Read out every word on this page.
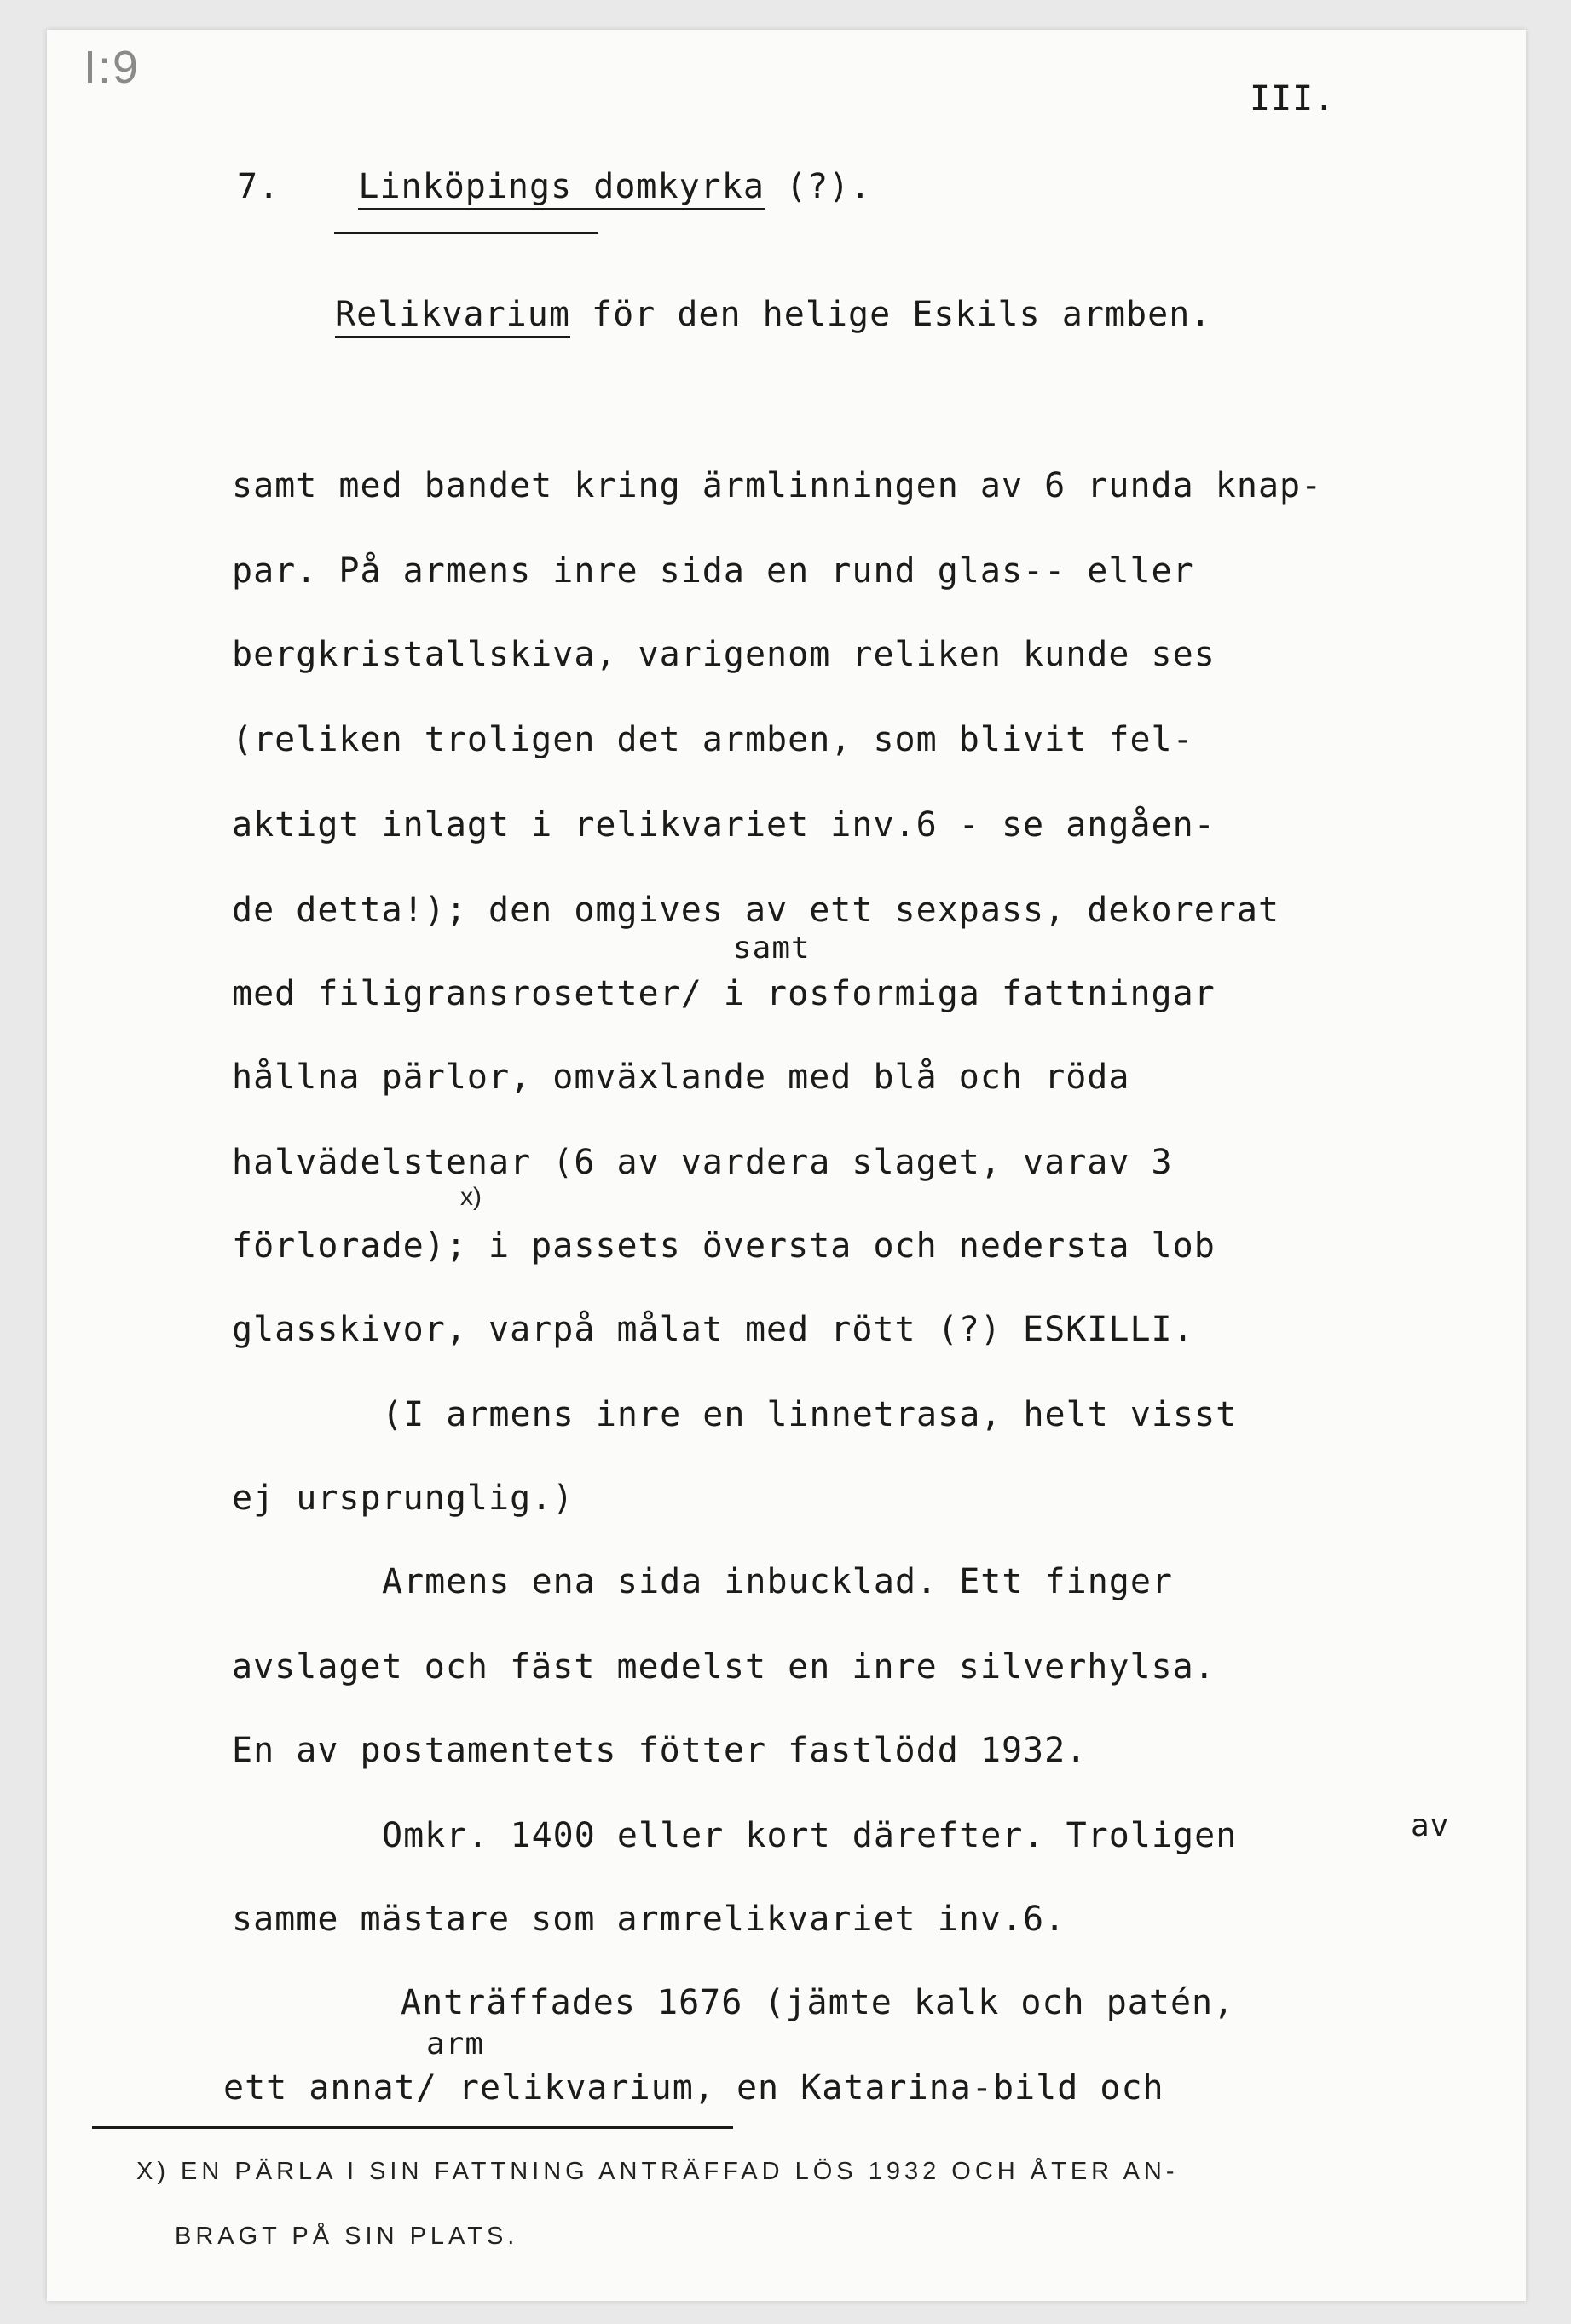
I:9
III.
7. Linköpings domkyrka (?).
Relikvarium för den helige Eskils armben.
samt med bandet kring ärmlinningen av 6 runda knap-
par. På armens inre sida en rund glas-- eller
bergkristallskiva, varigenom reliken kunde ses
(reliken troligen det armben, som blivit fel-
aktigt inlagt i relikvariet inv.6 - se angåen-
de detta!); den omgives av ett sexpass, dekorerat
samt
med filigransrosetter/ i rosformiga fattningar
hållna pärlor, omväxlande med blå och röda
halvädelstenar (6 av vardera slaget, varav 3
x)
förlorade); i passets översta och nedersta lob
glasskivor, varpå målat med rött (?) ESKILLI.
(I armens inre en linnetrasa, helt visst
ej ursprunglig.)
Armens ena sida inbucklad. Ett finger
avslaget och fäst medelst en inre silverhylsa.
En av postamentets fötter fastlödd 1932.
Omkr. 1400 eller kort därefter. Troligen	av
samme mästare som armrelikvariet inv.6.
Anträffades 1676 (jämte kalk och patén,
arm
ett annat/ relikvarium, en Katarina-bild och
X) EN PÄRLA I SIN FATTNING ANTRÄFFAD LÖS 1932 OCH ÅTER AN-
BRAGT PÅ SIN PLATS.
